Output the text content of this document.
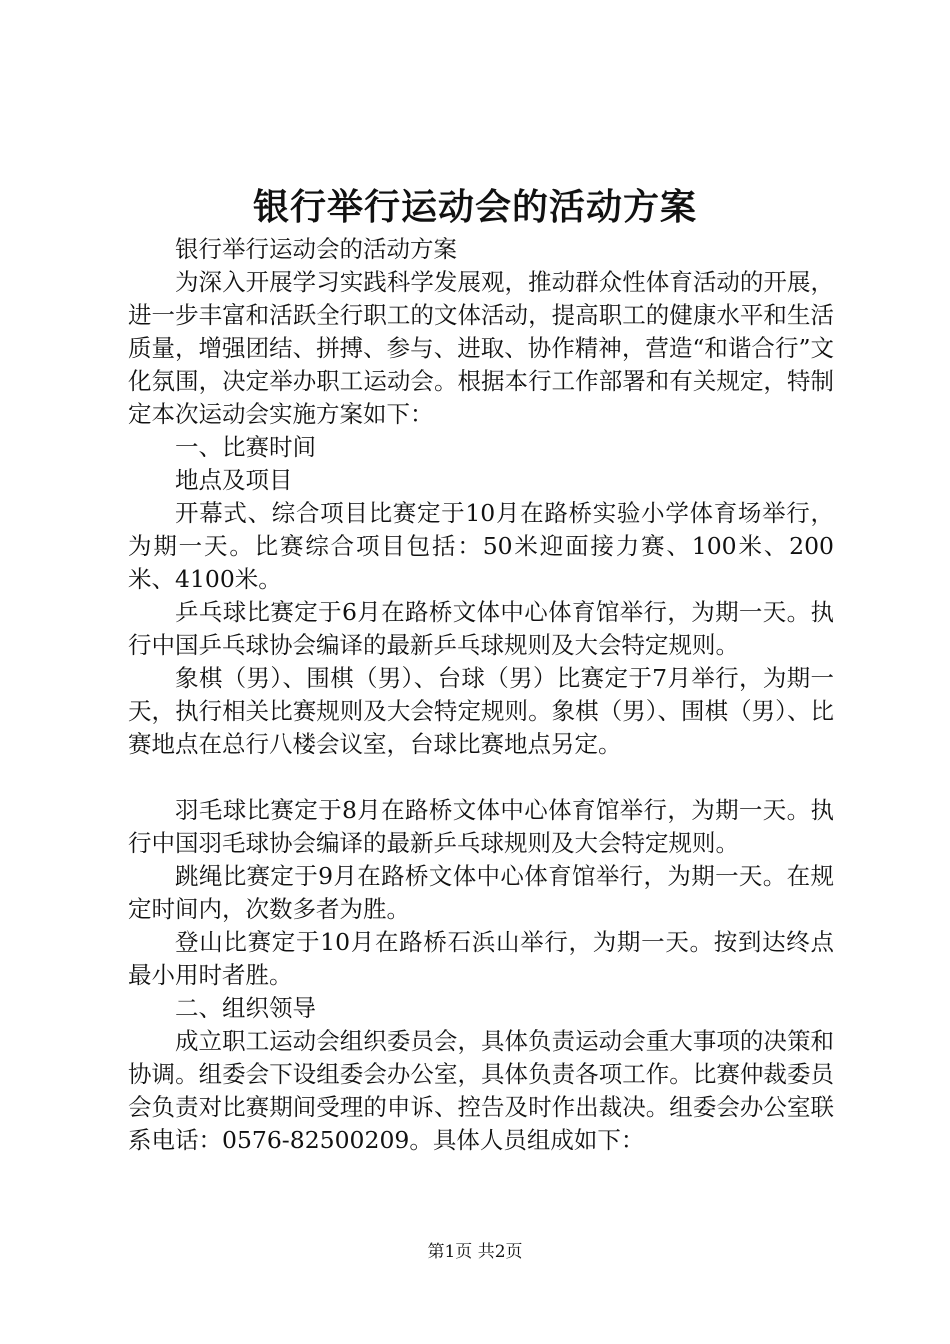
银行举行运动会的活动方案

银行举行运动会的活动方案

为深入开展学习实践科学发展观，推动群众性体育活动的开展，进一步丰富和活跃全行职工的文体活动，提高职工的健康水平和生活质量，增强团结、拼搏、参与、进取、协作精神，营造“和谐合行”文化氛围，决定举办职工运动会。根据本行工作部署和有关规定，特制定本次运动会实施方案如下：

一、比赛时间

地点及项目

开幕式、综合项目比赛定于10月在路桥实验小学体育场举行，为期一天。比赛综合项目包括：50米迎面接力赛、100米、200米、4100米。

乒乓球比赛定于6月在路桥文体中心体育馆举行，为期一天。执行中国乒乓球协会编译的最新乒乓球规则及大会特定规则。

象棋（男）、围棋（男）、台球（男）比赛定于7月举行，为期一天，执行相关比赛规则及大会特定规则。象棋（男）、围棋（男）、比赛地点在总行八楼会议室，台球比赛地点另定。

羽毛球比赛定于8月在路桥文体中心体育馆举行，为期一天。执行中国羽毛球协会编译的最新乒乓球规则及大会特定规则。

跳绳比赛定于9月在路桥文体中心体育馆举行，为期一天。在规定时间内，次数多者为胜。

登山比赛定于10月在路桥石浜山举行，为期一天。按到达终点最小用时者胜。

二、组织领导

成立职工运动会组织委员会，具体负责运动会重大事项的决策和协调。组委会下设组委会办公室，具体负责各项工作。比赛仲裁委员会负责对比赛期间受理的申诉、控告及时作出裁决。组委会办公室联系电话：0576-82500209。具体人员组成如下：

第1页 共2页
